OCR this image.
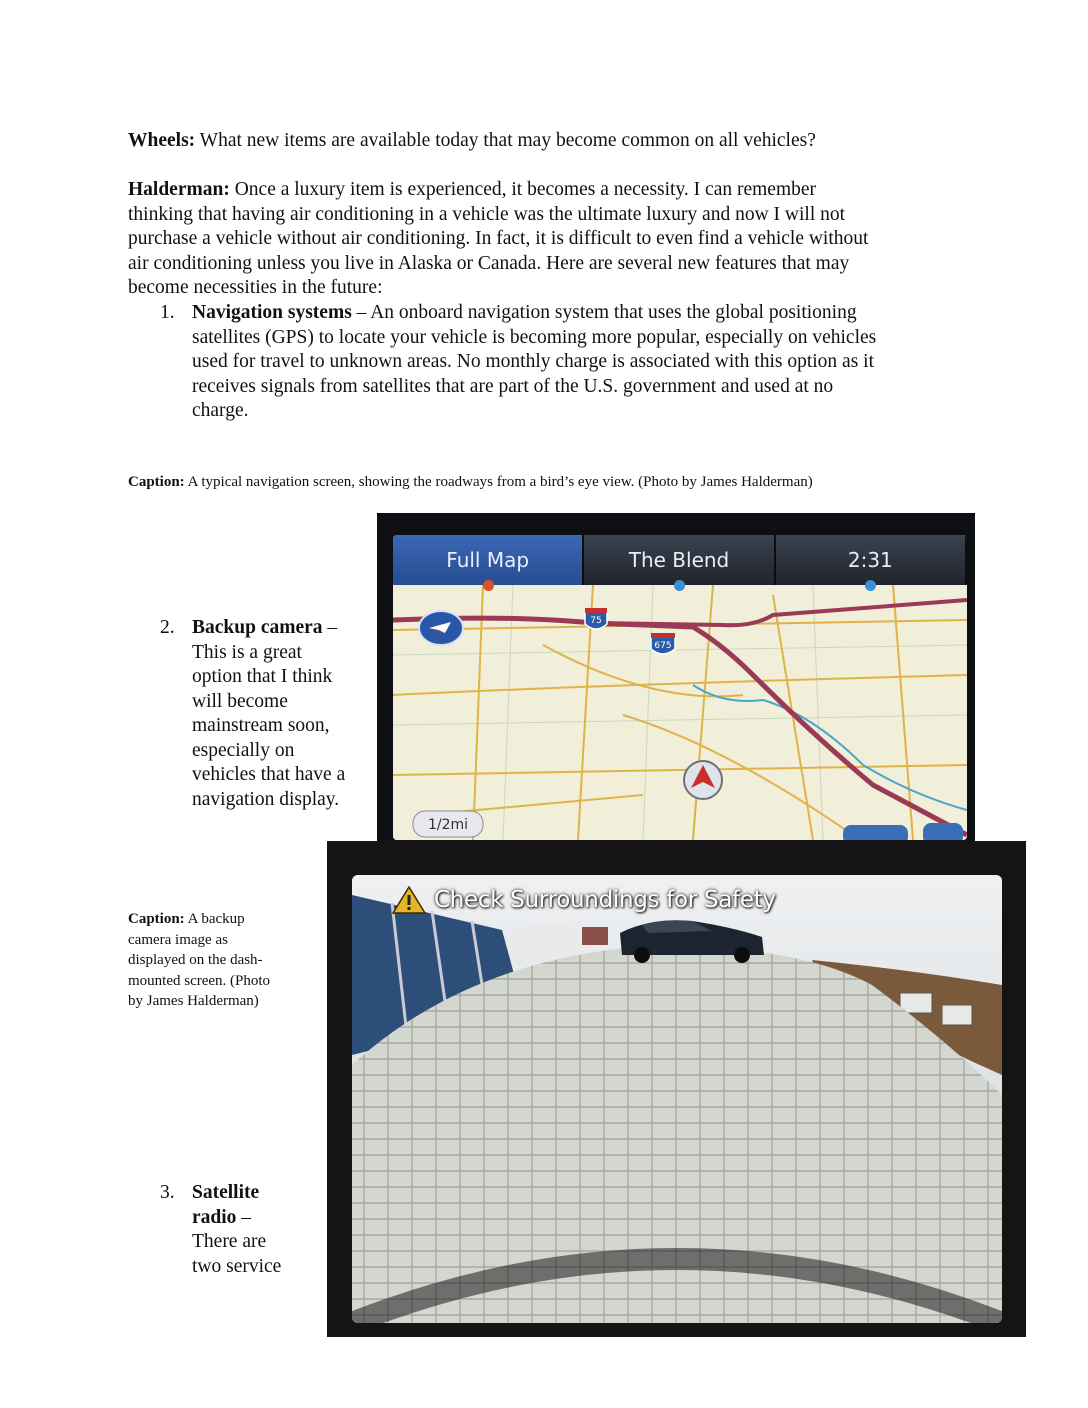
Wheels: What new items are available today that may become common on all vehicles?

Halderman: Once a luxury item is experienced, it becomes a necessity. I can remember
thinking that having air conditioning in a vehicle was the ultimate luxury and now I will not
purchase a vehicle without air conditioning. In fact, it is difficult to even find a vehicle without
air conditioning unless you live in Alaska or Canada. Here are several new features that may
become necessities in the future:
1. Navigation systems – An onboard navigation system that uses the global positioning
satellites (GPS) to locate your vehicle is becoming more popular, especially on vehicles
used for travel to unknown areas. No monthly charge is associated with this option as it
receives signals from satellites that are part of the U.S. government and used at no
charge.
Caption: A typical navigation screen, showing the roadways from a bird’s eye view. (Photo by James Halderman)
2. Backup camera –
This is a great
option that I think
will become
mainstream soon,
especially on
vehicles that have a
navigation display.
Caption: A backup
camera image as
displayed on the dash-
mounted screen. (Photo
by James Halderman)
3. Satellite
radio –
There are
two service
75
675
1/2mi
Full Map	The Blend	2:31
Check Surroundings for Safety
